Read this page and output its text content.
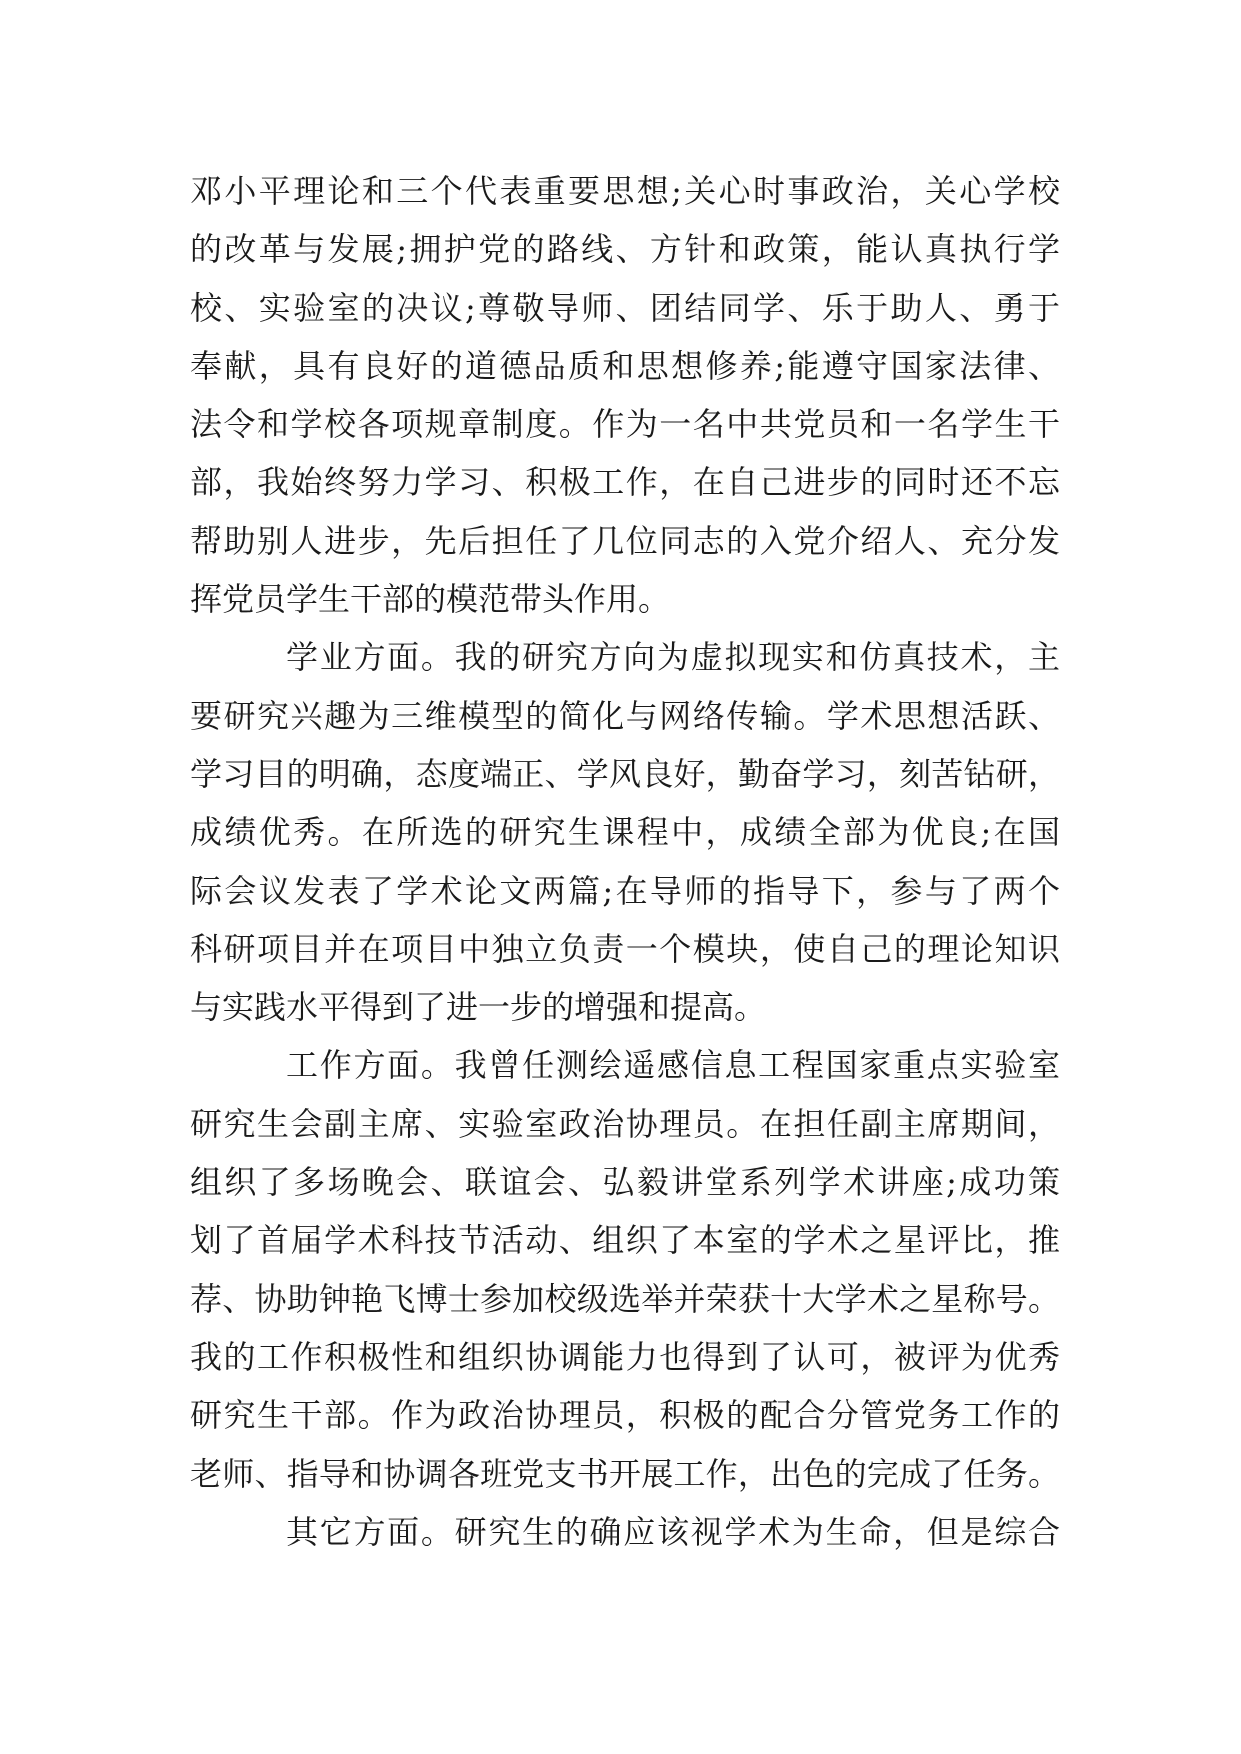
邓小平理论和三个代表重要思想;关心时事政治，关心学校
的改革与发展;拥护党的路线、方针和政策，能认真执行学
校、实验室的决议;尊敬导师、团结同学、乐于助人、勇于
奉献，具有良好的道德品质和思想修养;能遵守国家法律、
法令和学校各项规章制度。作为一名中共党员和一名学生干
部，我始终努力学习、积极工作，在自己进步的同时还不忘
帮助别人进步，先后担任了几位同志的入党介绍人、充分发
挥党员学生干部的模范带头作用。
学业方面。我的研究方向为虚拟现实和仿真技术，主
要研究兴趣为三维模型的简化与网络传输。学术思想活跃、
学习目的明确，态度端正、学风良好，勤奋学习，刻苦钻研，
成绩优秀。在所选的研究生课程中，成绩全部为优良;在国
际会议发表了学术论文两篇;在导师的指导下，参与了两个
科研项目并在项目中独立负责一个模块，使自己的理论知识
与实践水平得到了进一步的增强和提高。
工作方面。我曾任测绘遥感信息工程国家重点实验室
研究生会副主席、实验室政治协理员。在担任副主席期间，
组织了多场晚会、联谊会、弘毅讲堂系列学术讲座;成功策
划了首届学术科技节活动、组织了本室的学术之星评比，推
荐、协助钟艳飞博士参加校级选举并荣获十大学术之星称号。
我的工作积极性和组织协调能力也得到了认可，被评为优秀
研究生干部。作为政治协理员，积极的配合分管党务工作的
老师、指导和协调各班党支书开展工作，出色的完成了任务。
其它方面。研究生的确应该视学术为生命，但是综合
